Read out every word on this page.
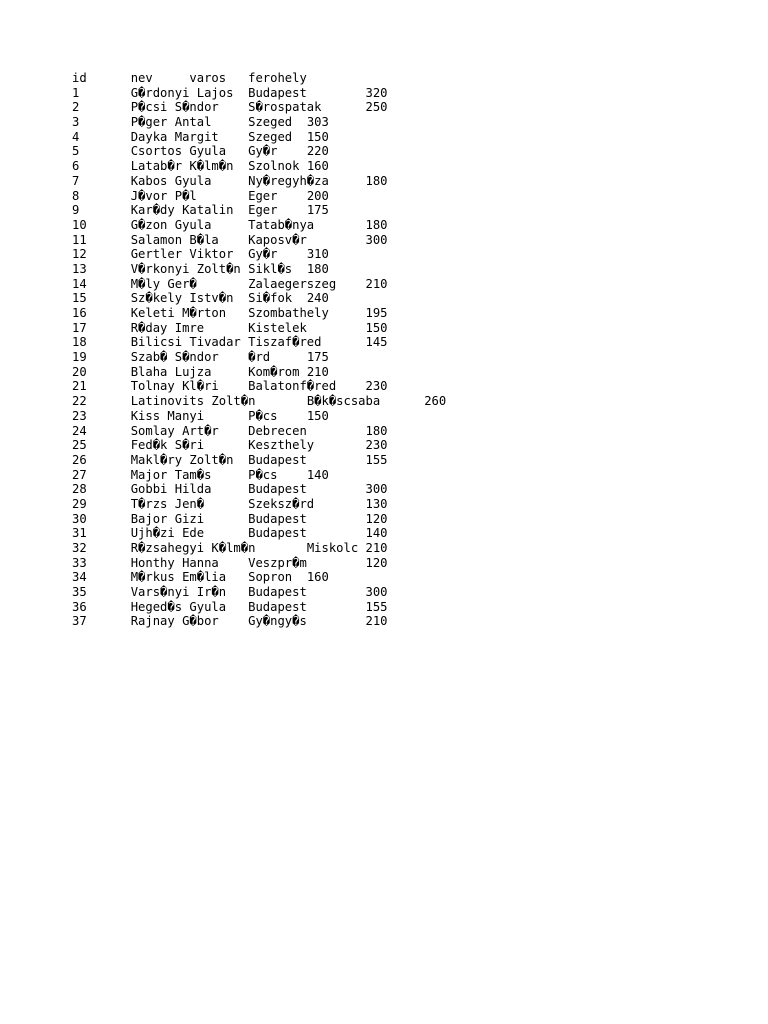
id	nev	varos	ferohely
1	G�rdonyi Lajos	Budapest	320
2	P�csi S�ndor	S�rospatak	250
3	P�ger Antal	Szeged	303
4	Dayka Margit	Szeged	150
5	Csortos Gyula	Gy�r	220
6	Latab�r K�lm�n	Szolnok	160
7	Kabos Gyula	Ny�regyh�za	180
8	J�vor P�l	Eger	200
9	Kar�dy Katalin	Eger	175
10	G�zon Gyula	Tatab�nya	180
11	Salamon B�la	Kaposv�r	300
12	Gertler Viktor	Gy�r	310
13	V�rkonyi Zolt�n	Sikl�s	180
14	M�ly Ger�	Zalaegerszeg	210
15	Sz�kely Istv�n	Si�fok	240
16	Keleti M�rton	Szombathely	195
17	R�day Imre	Kistelek	150
18	Bilicsi Tivadar	Tiszaf�red	145
19	Szab� S�ndor	�rd	175
20	Blaha Lujza	Kom�rom	210
21	Tolnay Kl�ri	Balatonf�red	230
22	Latinovits Zolt�n	B�k�scsaba	260
23	Kiss Manyi	P�cs	150
24	Somlay Art�r	Debrecen	180
25	Fed�k S�ri	Keszthely	230
26	Makl�ry Zolt�n	Budapest	155
27	Major Tam�s	P�cs	140
28	Gobbi Hilda	Budapest	300
29	T�rzs Jen�	Szeksz�rd	130
30	Bajor Gizi	Budapest	120
31	Ujh�zi Ede	Budapest	140
32	R�zsahegyi K�lm�n	Miskolc	210
33	Honthy Hanna	Veszpr�m	120
34	M�rkus Em�lia	Sopron	160
35	Vars�nyi Ir�n	Budapest	300
36	Heged�s Gyula	Budapest	155
37	Rajnay G�bor	Gy�ngy�s	210
